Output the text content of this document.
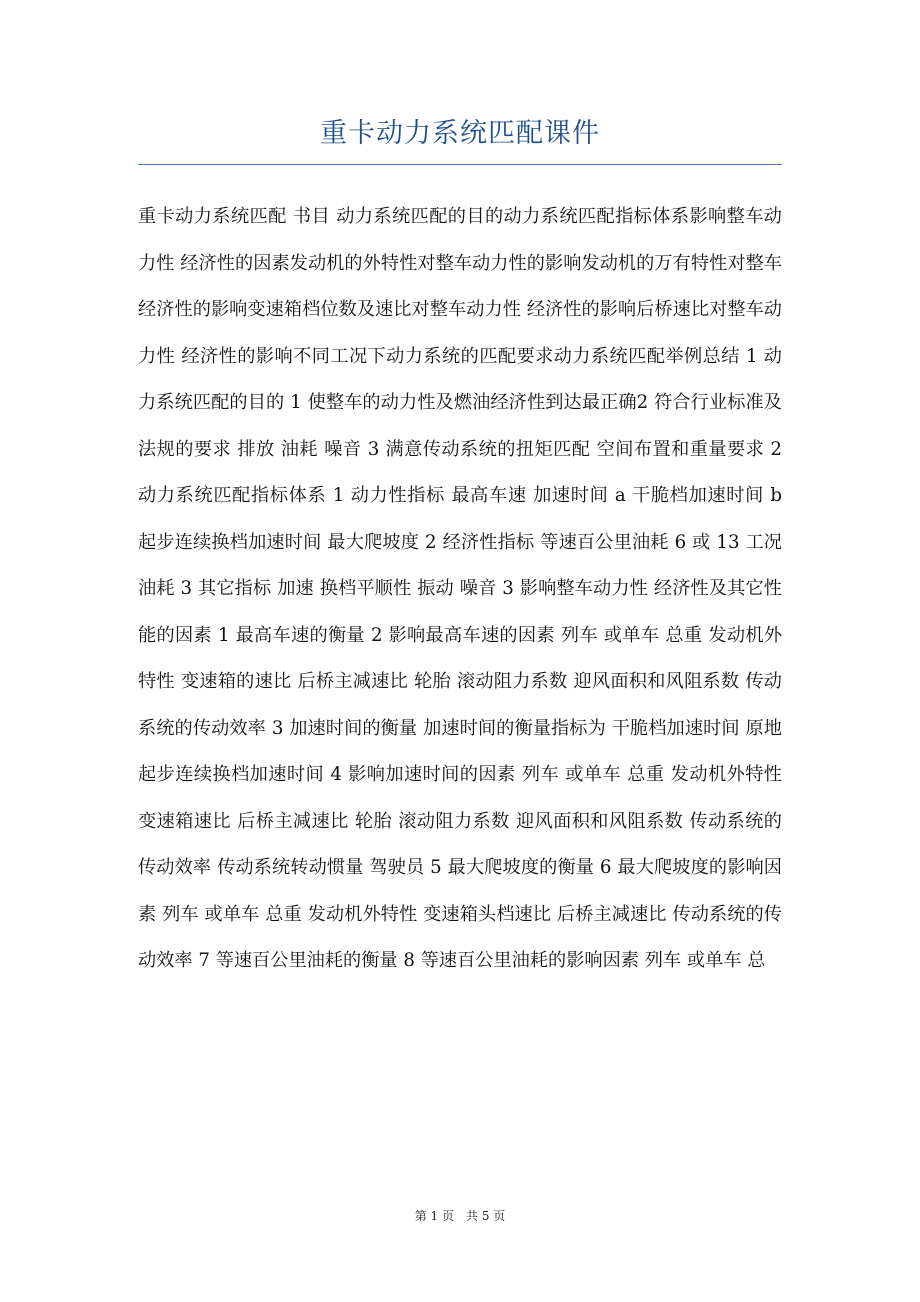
重卡动力系统匹配课件

重卡动力系统匹配 书目 动力系统匹配的目的动力系统匹配指标体系影响整车动力性 经济性的因素发动机的外特性对整车动力性的影响发动机的万有特性对整车经济性的影响变速箱档位数及速比对整车动力性 经济性的影响后桥速比对整车动力性 经济性的影响不同工况下动力系统的匹配要求动力系统匹配举例总结 1 动力系统匹配的目的 1 使整车的动力性及燃油经济性到达最正确2 符合行业标准及法规的要求 排放 油耗 噪音 3 满意传动系统的扭矩匹配 空间布置和重量要求 2 动力系统匹配指标体系 1 动力性指标 最高车速 加速时间 a 干脆档加速时间 b 起步连续换档加速时间 最大爬坡度 2 经济性指标 等速百公里油耗 6 或 13 工况油耗 3 其它指标 加速 换档平顺性 振动 噪音 3 影响整车动力性 经济性及其它性能的因素 1 最高车速的衡量 2 影响最高车速的因素 列车 或单车 总重 发动机外特性 变速箱的速比 后桥主减速比 轮胎 滚动阻力系数 迎风面积和风阻系数 传动系统的传动效率 3 加速时间的衡量 加速时间的衡量指标为 干脆档加速时间 原地起步连续换档加速时间 4 影响加速时间的因素 列车 或单车 总重 发动机外特性 变速箱速比 后桥主减速比 轮胎 滚动阻力系数 迎风面积和风阻系数 传动系统的传动效率 传动系统转动惯量 驾驶员 5 最大爬坡度的衡量 6 最大爬坡度的影响因素 列车 或单车 总重 发动机外特性 变速箱头档速比 后桥主减速比 传动系统的传动效率 7 等速百公里油耗的衡量 8 等速百公里油耗的影响因素 列车 或单车 总

第 1 页　共 5 页
